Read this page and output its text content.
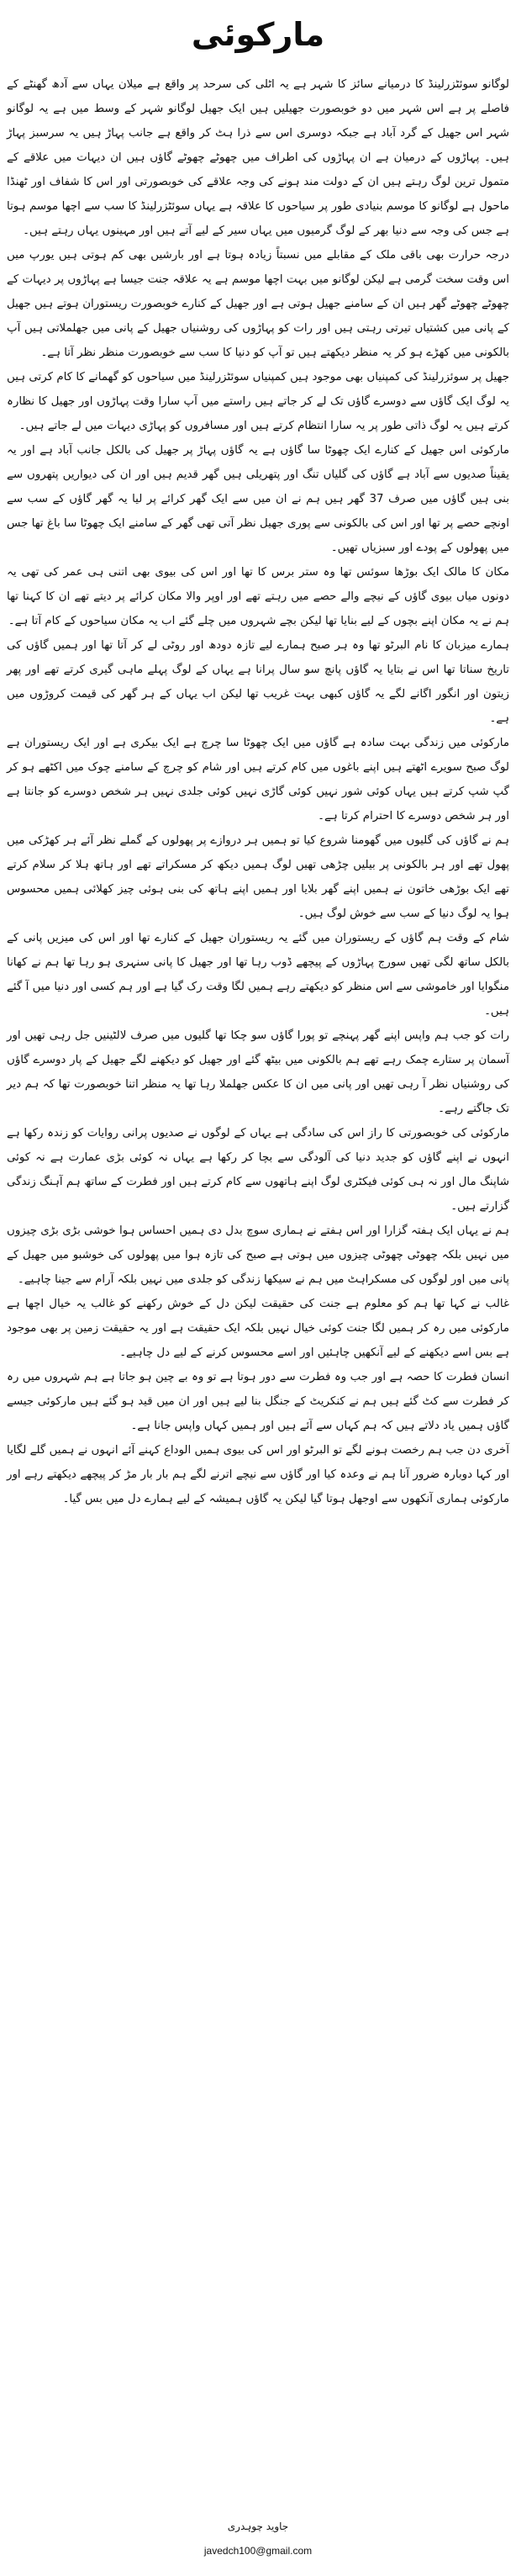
مارکوئی

لوگانو سوئٹزرلینڈ کا درمیانے سائز کا شہر ہے یہ اٹلی کی سرحد پر واقع ہے میلان یہاں سے آدھ گھنٹے کے فاصلے پر ہے اس شہر میں دو خوبصورت جھیلیں ہیں ایک جھیل لوگانو شہر کے وسط میں ہے یہ لوگانو شہر اس جھیل کے گرد آباد ہے جبکہ دوسری اس سے ذرا ہٹ کر واقع ہے جانب پہاڑ ہیں یہ سرسبز پہاڑ ہیں۔ پہاڑوں کے درمیان ہے ان پہاڑوں کی اطراف میں چھوٹے چھوٹے گاؤں ہیں ان دیہات میں علاقے کے متمول ترین لوگ رہتے ہیں ان کے دولت مند ہونے کی وجہ علاقے کی خوبصورتی اور اس کا شفاف اور ٹھنڈا ماحول ہے لوگانو کا موسم بنیادی طور پر سیاحوں کا علاقہ ہے یہاں سوئٹزرلینڈ کا سب سے اچھا موسم ہوتا ہے جس کی وجہ سے دنیا بھر کے لوگ گرمیوں میں یہاں سیر کے لیے آتے ہیں اور مہینوں یہاں رہتے ہیں۔

درجہ حرارت بھی باقی ملک کے مقابلے میں نسبتاً زیادہ ہوتا ہے اور بارشیں بھی کم ہوتی ہیں یورپ میں اس وقت سخت گرمی ہے لیکن لوگانو میں بہت اچھا موسم ہے یہ علاقہ جنت جیسا ہے پہاڑوں پر دیہات کے چھوٹے چھوٹے گھر ہیں ان کے سامنے جھیل ہوتی ہے اور جھیل کے کنارے خوبصورت ریستوران ہوتے ہیں جھیل کے پانی میں کشتیاں تیرتی رہتی ہیں اور رات کو پہاڑوں کی روشنیاں جھیل کے پانی میں جھلملاتی ہیں آپ بالکونی میں کھڑے ہو کر یہ منظر دیکھتے ہیں تو آپ کو دنیا کا سب سے خوبصورت منظر نظر آتا ہے۔

جھیل پر سوئزرلینڈ کی کمپنیاں بھی موجود ہیں کمپنیاں سوئٹزرلینڈ میں سیاحوں کو گھمانے کا کام کرتی ہیں یہ لوگ ایک گاؤں سے دوسرے گاؤں تک لے کر جاتے ہیں راستے میں آپ سارا وقت پہاڑوں اور جھیل کا نظارہ کرتے ہیں یہ لوگ ذاتی طور پر یہ سارا انتظام کرتے ہیں اور مسافروں کو پہاڑی دیہات میں لے جاتے ہیں۔

مارکوئی اس جھیل کے کنارے ایک چھوٹا سا گاؤں ہے یہ گاؤں پہاڑ پر جھیل کی بالکل جانب آباد ہے اور یہ یقیناً صدیوں سے آباد ہے گاؤں کی گلیاں تنگ اور پتھریلی ہیں گھر قدیم ہیں اور ان کی دیواریں پتھروں سے بنی ہیں گاؤں میں صرف 37 گھر ہیں ہم نے ان میں سے ایک گھر کرائے پر لیا یہ گھر گاؤں کے سب سے اونچے حصے پر تھا اور اس کی بالکونی سے پوری جھیل نظر آتی تھی گھر کے سامنے ایک چھوٹا سا باغ تھا جس میں پھولوں کے پودے اور سبزیاں تھیں۔

مکان کا مالک ایک بوڑھا سوئس تھا وہ ستر برس کا تھا اور اس کی بیوی بھی اتنی ہی عمر کی تھی یہ دونوں میاں بیوی گاؤں کے نیچے والے حصے میں رہتے تھے اور اوپر والا مکان کرائے پر دیتے تھے ان کا کہنا تھا ہم نے یہ مکان اپنے بچوں کے لیے بنایا تھا لیکن بچے شہروں میں چلے گئے اب یہ مکان سیاحوں کے کام آتا ہے۔

ہمارے میزبان کا نام البرٹو تھا وہ ہر صبح ہمارے لیے تازہ دودھ اور روٹی لے کر آتا تھا اور ہمیں گاؤں کی تاریخ سناتا تھا اس نے بتایا یہ گاؤں پانچ سو سال پرانا ہے یہاں کے لوگ پہلے ماہی گیری کرتے تھے اور پھر زیتون اور انگور اگانے لگے یہ گاؤں کبھی بہت غریب تھا لیکن اب یہاں کے ہر گھر کی قیمت کروڑوں میں ہے۔

مارکوئی میں زندگی بہت سادہ ہے گاؤں میں ایک چھوٹا سا چرچ ہے ایک بیکری ہے اور ایک ریستوران ہے لوگ صبح سویرے اٹھتے ہیں اپنے باغوں میں کام کرتے ہیں اور شام کو چرچ کے سامنے چوک میں اکٹھے ہو کر گپ شپ کرتے ہیں یہاں کوئی شور نہیں کوئی گاڑی نہیں کوئی جلدی نہیں ہر شخص دوسرے کو جانتا ہے اور ہر شخص دوسرے کا احترام کرتا ہے۔

ہم نے گاؤں کی گلیوں میں گھومنا شروع کیا تو ہمیں ہر دروازے پر پھولوں کے گملے نظر آئے ہر کھڑکی میں پھول تھے اور ہر بالکونی پر بیلیں چڑھی تھیں لوگ ہمیں دیکھ کر مسکراتے تھے اور ہاتھ ہلا کر سلام کرتے تھے ایک بوڑھی خاتون نے ہمیں اپنے گھر بلایا اور ہمیں اپنے ہاتھ کی بنی ہوئی چیز کھلائی ہمیں محسوس ہوا یہ لوگ دنیا کے سب سے خوش لوگ ہیں۔

شام کے وقت ہم گاؤں کے ریستوران میں گئے یہ ریستوران جھیل کے کنارے تھا اور اس کی میزیں پانی کے بالکل ساتھ لگی تھیں سورج پہاڑوں کے پیچھے ڈوب رہا تھا اور جھیل کا پانی سنہری ہو رہا تھا ہم نے کھانا منگوایا اور خاموشی سے اس منظر کو دیکھتے رہے ہمیں لگا وقت رک گیا ہے اور ہم کسی اور دنیا میں آ گئے ہیں۔

رات کو جب ہم واپس اپنے گھر پہنچے تو پورا گاؤں سو چکا تھا گلیوں میں صرف لالٹینیں جل رہی تھیں اور آسمان پر ستارے چمک رہے تھے ہم بالکونی میں بیٹھ گئے اور جھیل کو دیکھنے لگے جھیل کے پار دوسرے گاؤں کی روشنیاں نظر آ رہی تھیں اور پانی میں ان کا عکس جھلملا رہا تھا یہ منظر اتنا خوبصورت تھا کہ ہم دیر تک جاگتے رہے۔

مارکوئی کی خوبصورتی کا راز اس کی سادگی ہے یہاں کے لوگوں نے صدیوں پرانی روایات کو زندہ رکھا ہے انہوں نے اپنے گاؤں کو جدید دنیا کی آلودگی سے بچا کر رکھا ہے یہاں نہ کوئی بڑی عمارت ہے نہ کوئی شاپنگ مال اور نہ ہی کوئی فیکٹری لوگ اپنے ہاتھوں سے کام کرتے ہیں اور فطرت کے ساتھ ہم آہنگ زندگی گزارتے ہیں۔

ہم نے یہاں ایک ہفتہ گزارا اور اس ہفتے نے ہماری سوچ بدل دی ہمیں احساس ہوا خوشی بڑی بڑی چیزوں میں نہیں بلکہ چھوٹی چھوٹی چیزوں میں ہوتی ہے صبح کی تازہ ہوا میں پھولوں کی خوشبو میں جھیل کے پانی میں اور لوگوں کی مسکراہٹ میں ہم نے سیکھا زندگی کو جلدی میں نہیں بلکہ آرام سے جینا چاہیے۔

غالب نے کہا تھا ہم کو معلوم ہے جنت کی حقیقت لیکن دل کے خوش رکھنے کو غالب یہ خیال اچھا ہے مارکوئی میں رہ کر ہمیں لگا جنت کوئی خیال نہیں بلکہ ایک حقیقت ہے اور یہ حقیقت زمین پر بھی موجود ہے بس اسے دیکھنے کے لیے آنکھیں چاہئیں اور اسے محسوس کرنے کے لیے دل چاہیے۔

انسان فطرت کا حصہ ہے اور جب وہ فطرت سے دور ہوتا ہے تو وہ بے چین ہو جاتا ہے ہم شہروں میں رہ کر فطرت سے کٹ گئے ہیں ہم نے کنکریٹ کے جنگل بنا لیے ہیں اور ان میں قید ہو گئے ہیں مارکوئی جیسے گاؤں ہمیں یاد دلاتے ہیں کہ ہم کہاں سے آئے ہیں اور ہمیں کہاں واپس جانا ہے۔

آخری دن جب ہم رخصت ہونے لگے تو البرٹو اور اس کی بیوی ہمیں الوداع کہنے آئے انہوں نے ہمیں گلے لگایا اور کہا دوبارہ ضرور آنا ہم نے وعدہ کیا اور گاؤں سے نیچے اترنے لگے ہم بار بار مڑ کر پیچھے دیکھتے رہے اور مارکوئی ہماری آنکھوں سے اوجھل ہوتا گیا لیکن یہ گاؤں ہمیشہ کے لیے ہمارے دل میں بس گیا۔

جاوید چوہدری
javedch100@gmail.com
